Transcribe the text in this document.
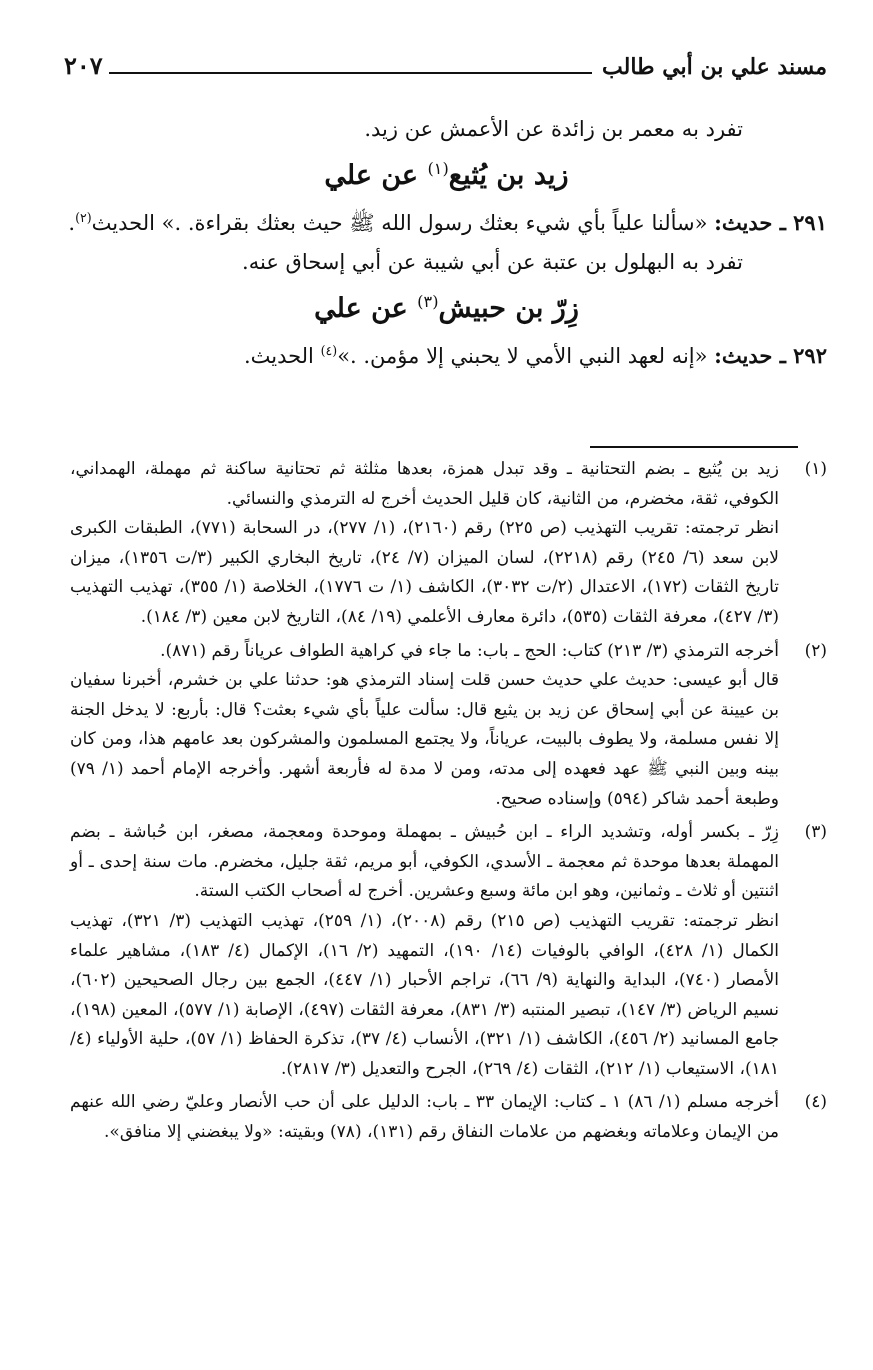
مسند علي بن أبي طالب
٢٠٧

تفرد به معمر بن زائدة عن الأعمش عن زيد.

زيد بن يُثيع$^{(١)}$ عن علي

٢٩١ ـ حديث: «سألنا علياً بأي شيء بعثك رسول الله ﷺ حيث بعثك بقراءة. .» الحديث$^{(٢)}$.

تفرد به البهلول بن عتبة عن أبي شيبة عن أبي إسحاق عنه.

زِرّ بن حبيش$^{(٣)}$ عن علي

٢٩٢ ـ حديث: «إنه لعهد النبي الأمي لا يحبني إلا مؤمن. .»$^{(٤)}$ الحديث.

(١)

زيد بن يُثيع ـ بضم التحتانية ـ وقد تبدل همزة، بعدها مثلثة ثم تحتانية ساكنة ثم مهملة، الهمداني، الكوفي، ثقة، مخضرم، من الثانية، كان قليل الحديث أخرج له الترمذي والنسائي.

انظر ترجمته: تقريب التهذيب (ص ٢٢٥) رقم (٢١٦٠)، (١/ ٢٧٧)، در السحابة (٧٧١)، الطبقات الكبرى لابن سعد (٦/ ٢٤٥) رقم (٢٢١٨)، لسان الميزان (٧/ ٢٤)، تاريخ البخاري الكبير (٣/ت ١٣٥٦)، ميزان تاريخ الثقات (١٧٢)، الاعتدال (٢/ت ٣٠٣٢)، الكاشف (١/ ت ١٧٧٦)، الخلاصة (١/ ٣٥٥)، تهذيب التهذيب (٣/ ٤٢٧)، معرفة الثقات (٥٣٥)، دائرة معارف الأعلمي (١٩/ ٨٤)، التاريخ لابن معين (٣/ ١٨٤).

(٢)

أخرجه الترمذي (٣/ ٢١٣) كتاب: الحج ـ باب: ما جاء في كراهية الطواف عرياناً رقم (٨٧١).

قال أبو عيسى: حديث علي حديث حسن قلت إسناد الترمذي هو: حدثنا علي بن خشرم، أخبرنا سفيان بن عيينة عن أبي إسحاق عن زيد بن يثيع قال: سألت علياً بأي شيء بعثت؟ قال: بأربع: لا يدخل الجنة إلا نفس مسلمة، ولا يطوف بالبيت، عرياناً، ولا يجتمع المسلمون والمشركون بعد عامهم هذا، ومن كان بينه وبين النبي ﷺ عهد فعهده إلى مدته، ومن لا مدة له فأربعة أشهر. وأخرجه الإمام أحمد (١/ ٧٩) وطبعة أحمد شاكر (٥٩٤) وإسناده صحيح.

(٣)

زِرّ ـ بكسر أوله، وتشديد الراء ـ ابن حُبيش ـ بمهملة وموحدة ومعجمة، مصغر، ابن حُباشة ـ بضم المهملة بعدها موحدة ثم معجمة ـ الأسدي، الكوفي، أبو مريم، ثقة جليل، مخضرم. مات سنة إحدى ـ أو اثنتين أو ثلاث ـ وثمانين، وهو ابن مائة وسبع وعشرين. أخرج له أصحاب الكتب الستة.

انظر ترجمته: تقريب التهذيب (ص ٢١٥) رقم (٢٠٠٨)، (١/ ٢٥٩)، تهذيب التهذيب (٣/ ٣٢١)، تهذيب الكمال (١/ ٤٢٨)، الوافي بالوفيات (١٤/ ١٩٠)، التمهيد (٢/ ١٦)، الإكمال (٤/ ١٨٣)، مشاهير علماء الأمصار (٧٤٠)، البداية والنهاية (٩/ ٦٦)، تراجم الأحبار (١/ ٤٤٧)، الجمع بين رجال الصحيحين (٦٠٢)، نسيم الرياض (٣/ ١٤٧)، تبصير المنتبه (٣/ ٨٣١)، معرفة الثقات (٤٩٧)، الإصابة (١/ ٥٧٧)، المعين (١٩٨)، جامع المسانيد (٢/ ٤٥٦)، الكاشف (١/ ٣٢١)، الأنساب (٤/ ٣٧)، تذكرة الحفاظ (١/ ٥٧)، حلية الأولياء (٤/ ١٨١)، الاستيعاب (١/ ٢١٢)، الثقات (٤/ ٢٦٩)، الجرح والتعديل (٣/ ٢٨١٧).

(٤)

أخرجه مسلم (١/ ٨٦) ١ ـ كتاب: الإيمان ٣٣ ـ باب: الدليل على أن حب الأنصار وعليّ رضي الله عنهم من الإيمان وعلاماته وبغضهم من علامات النفاق رقم (١٣١)، (٧٨) وبقيته: «ولا يبغضني إلا منافق».
